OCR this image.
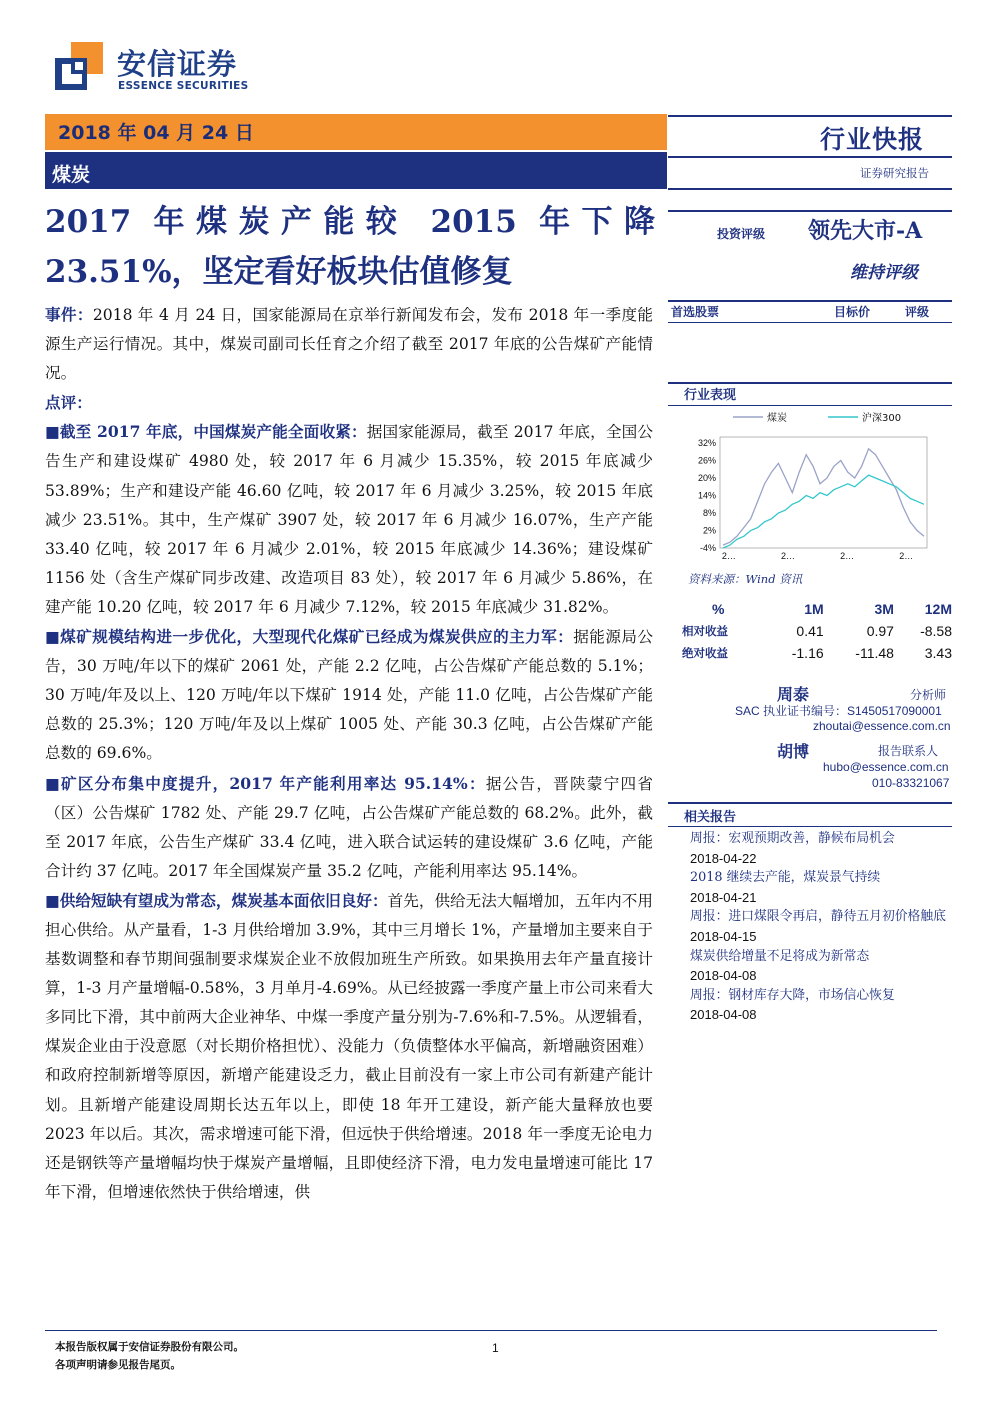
安信证券
ESSENCE SECURITIES
2018 年 04 月 24 日
煤炭
行业快报
证券研究报告
2017 年煤炭产能较 2015 年下降 23.51%，坚定看好板块估值修复
投资评级 领先大市-A
维持评级
首选股票	目标价	评级

事件：2018 年 4 月 24 日，国家能源局在京举行新闻发布会，发布 2018 年一季度能源生产运行情况。其中，煤炭司副司长任育之介绍了截至 2017 年底的公告煤矿产能情况。

点评：

■截至 2017 年底，中国煤炭产能全面收紧：据国家能源局，截至 2017 年底，全国公告生产和建设煤矿 4980 处，较 2017 年 6 月减少 15.35%，较 2015 年底减少 53.89%；生产和建设产能 46.60 亿吨，较 2017 年 6 月减少 3.25%，较 2015 年底减少 23.51%。其中，生产煤矿 3907 处，较 2017 年 6 月减少 16.07%，生产产能 33.40 亿吨，较 2017 年 6 月减少 2.01%，较 2015 年底减少 14.36%；建设煤矿 1156 处（含生产煤矿同步改建、改造项目 83 处），较 2017 年 6 月减少 5.86%，在建产能 10.20 亿吨，较 2017 年 6 月减少 7.12%，较 2015 年底减少 31.82%。

■煤矿规模结构进一步优化，大型现代化煤矿已经成为煤炭供应的主力军：据能源局公告，30 万吨/年以下的煤矿 2061 处，产能 2.2 亿吨，占公告煤矿产能总数的 5.1%；30 万吨/年及以上、120 万吨/年以下煤矿 1914 处，产能 11.0 亿吨，占公告煤矿产能总数的 25.3%；120 万吨/年及以上煤矿 1005 处、产能 30.3 亿吨，占公告煤矿产能总数的 69.6%。

■矿区分布集中度提升，2017 年产能利用率达 95.14%：据公告，晋陕蒙宁四省（区）公告煤矿 1782 处、产能 29.7 亿吨，占公告煤矿产能总数的 68.2%。此外，截至 2017 年底，公告生产煤矿 33.4 亿吨，进入联合试运转的建设煤矿 3.6 亿吨，产能合计约 37 亿吨。2017 年全国煤炭产量 35.2 亿吨，产能利用率达 95.14%。

■供给短缺有望成为常态，煤炭基本面依旧良好：首先，供给无法大幅增加，五年内不用担心供给。从产量看，1-3 月供给增加 3.9%，其中三月增长 1%，产量增加主要来自于基数调整和春节期间强制要求煤炭企业不放假加班生产所致。如果换用去年产量直接计算，1-3 月产量增幅-0.58%，3 月单月-4.69%。从已经披露一季度产量上市公司来看大多同比下滑，其中前两大企业神华、中煤一季度产量分别为-7.6%和-7.5%。从逻辑看，煤炭企业由于没意愿（对长期价格担忧）、没能力（负债整体水平偏高，新增融资困难）和政府控制新增等原因，新增产能建设乏力，截止目前没有一家上市公司有新建产能计划。且新增产能建设周期长达五年以上，即使 18 年开工建设，新产能大量释放也要 2023 年以后。其次，需求增速可能下滑，但远快于供给增速。2018 年一季度无论电力还是钢铁等产量增幅均快于煤炭产量增幅，且即使经济下滑，电力发电量增速可能比 17 年下滑，但增速依然快于供给增速，供

行业表现
32%
26%
20%
14%
8%
2%
-4%
2…	2…	2…	2…
煤炭	沪深300
资料来源：Wind 资讯
%	1M	3M	12M
相对收益	0.41	0.97	-8.58
绝对收益	-1.16	-11.48	3.43
周泰	分析师
SAC 执业证书编号：S1450517090001
zhoutai@essence.com.cn
胡博	报告联系人
hubo@essence.com.cn
010-83321067
相关报告
周报：宏观预期改善，静候布局机会
2018-04-22
2018 继续去产能，煤炭景气持续
2018-04-21
周报：进口煤限令再启，静待五月初价格触底
2018-04-15
煤炭供给增量不足将成为新常态
2018-04-08
周报：钢材库存大降，市场信心恢复
2018-04-08
本报告版权属于安信证券股份有限公司。
各项声明请参见报告尾页。
1
